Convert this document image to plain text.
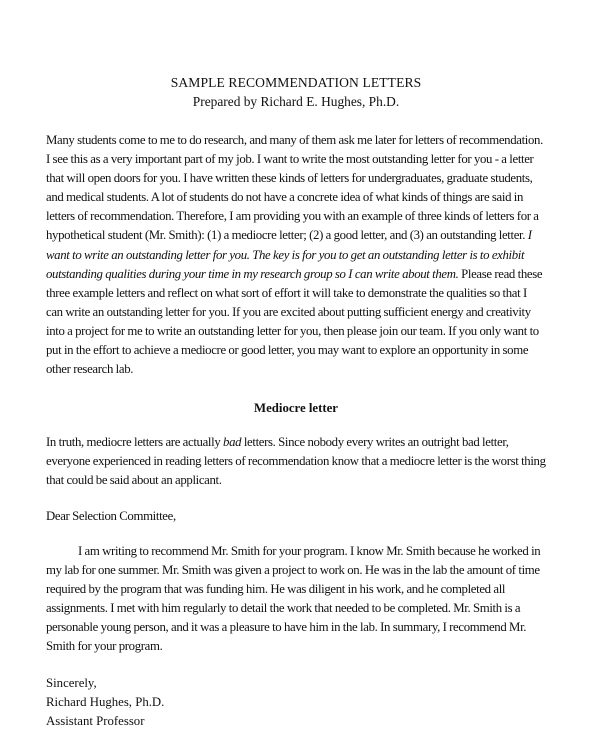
SAMPLE RECOMMENDATION LETTERS

Prepared by Richard E. Hughes, Ph.D.

Many students come to me to do research, and many of them ask me later for letters of recommendation. I see this as a very important part of my job. I want to write the most outstanding letter for you - a letter that will open doors for you. I have written these kinds of letters for undergraduates, graduate students, and medical students. A lot of students do not have a concrete idea of what kinds of things are said in letters of recommendation. Therefore, I am providing you with an example of three kinds of letters for a hypothetical student (Mr. Smith): (1) a mediocre letter; (2) a good letter, and (3) an outstanding letter. I want to write an outstanding letter for you. The key is for you to get an outstanding letter is to exhibit outstanding qualities during your time in my research group so I can write about them. Please read these three example letters and reflect on what sort of effort it will take to demonstrate the qualities so that I can write an outstanding letter for you. If you are excited about putting sufficient energy and creativity into a project for me to write an outstanding letter for you, then please join our team. If you only want to put in the effort to achieve a mediocre or good letter, you may want to explore an opportunity in some other research lab.

Mediocre letter

In truth, mediocre letters are actually bad letters. Since nobody every writes an outright bad letter, everyone experienced in reading letters of recommendation know that a mediocre letter is the worst thing that could be said about an applicant.

Dear Selection Committee,

I am writing to recommend Mr. Smith for your program. I know Mr. Smith because he worked in my lab for one summer. Mr. Smith was given a project to work on. He was in the lab the amount of time required by the program that was funding him. He was diligent in his work, and he completed all assignments. I met with him regularly to detail the work that needed to be completed. Mr. Smith is a personable young person, and it was a pleasure to have him in the lab. In summary, I recommend Mr. Smith for your program.

Sincerely,
Richard Hughes, Ph.D.
Assistant Professor
